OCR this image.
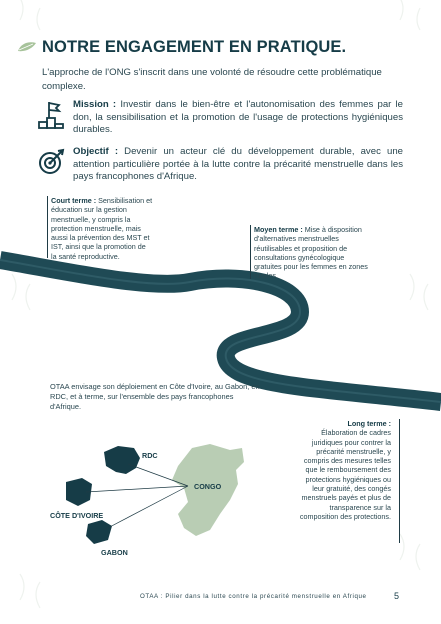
NOTRE ENGAGEMENT EN PRATIQUE.
L'approche de l'ONG s'inscrit dans une volonté de résoudre cette problématique complexe.
Mission : Investir dans le bien-être et l'autonomisation des femmes par le don, la sensibilisation et la promotion de l'usage de protections hygiéniques durables.
Objectif : Devenir un acteur clé du développement durable, avec une attention particulière portée à la lutte contre la précarité menstruelle dans les pays francophones d'Afrique.
Court terme : Sensibilisation et éducation sur la gestion menstruelle, y compris la protection menstruelle, mais aussi la prévention des MST et IST, ainsi que la promotion de la santé reproductive.
Moyen terme : Mise à disposition d'alternatives menstruelles réutilisables et proposition de consultations gynécologique gratuites pour les femmes en zones rurales.
OTAA envisage son déploiement en Côte d'Ivoire, au Gabon, en RDC, et à terme, sur l'ensemble des pays francophones d'Afrique.
Long terme :
Élaboration de cadres juridiques pour contrer la précarité menstruelle, y compris des mesures telles que le remboursement des protections hygiéniques ou leur gratuité, des congés menstruels payés et plus de transparence sur la composition des protections.
RDC
CONGO
CÔTE D'IVOIRE
GABON
OTAA : Pilier dans la lutte contre la précarité menstruelle en Afrique	5
